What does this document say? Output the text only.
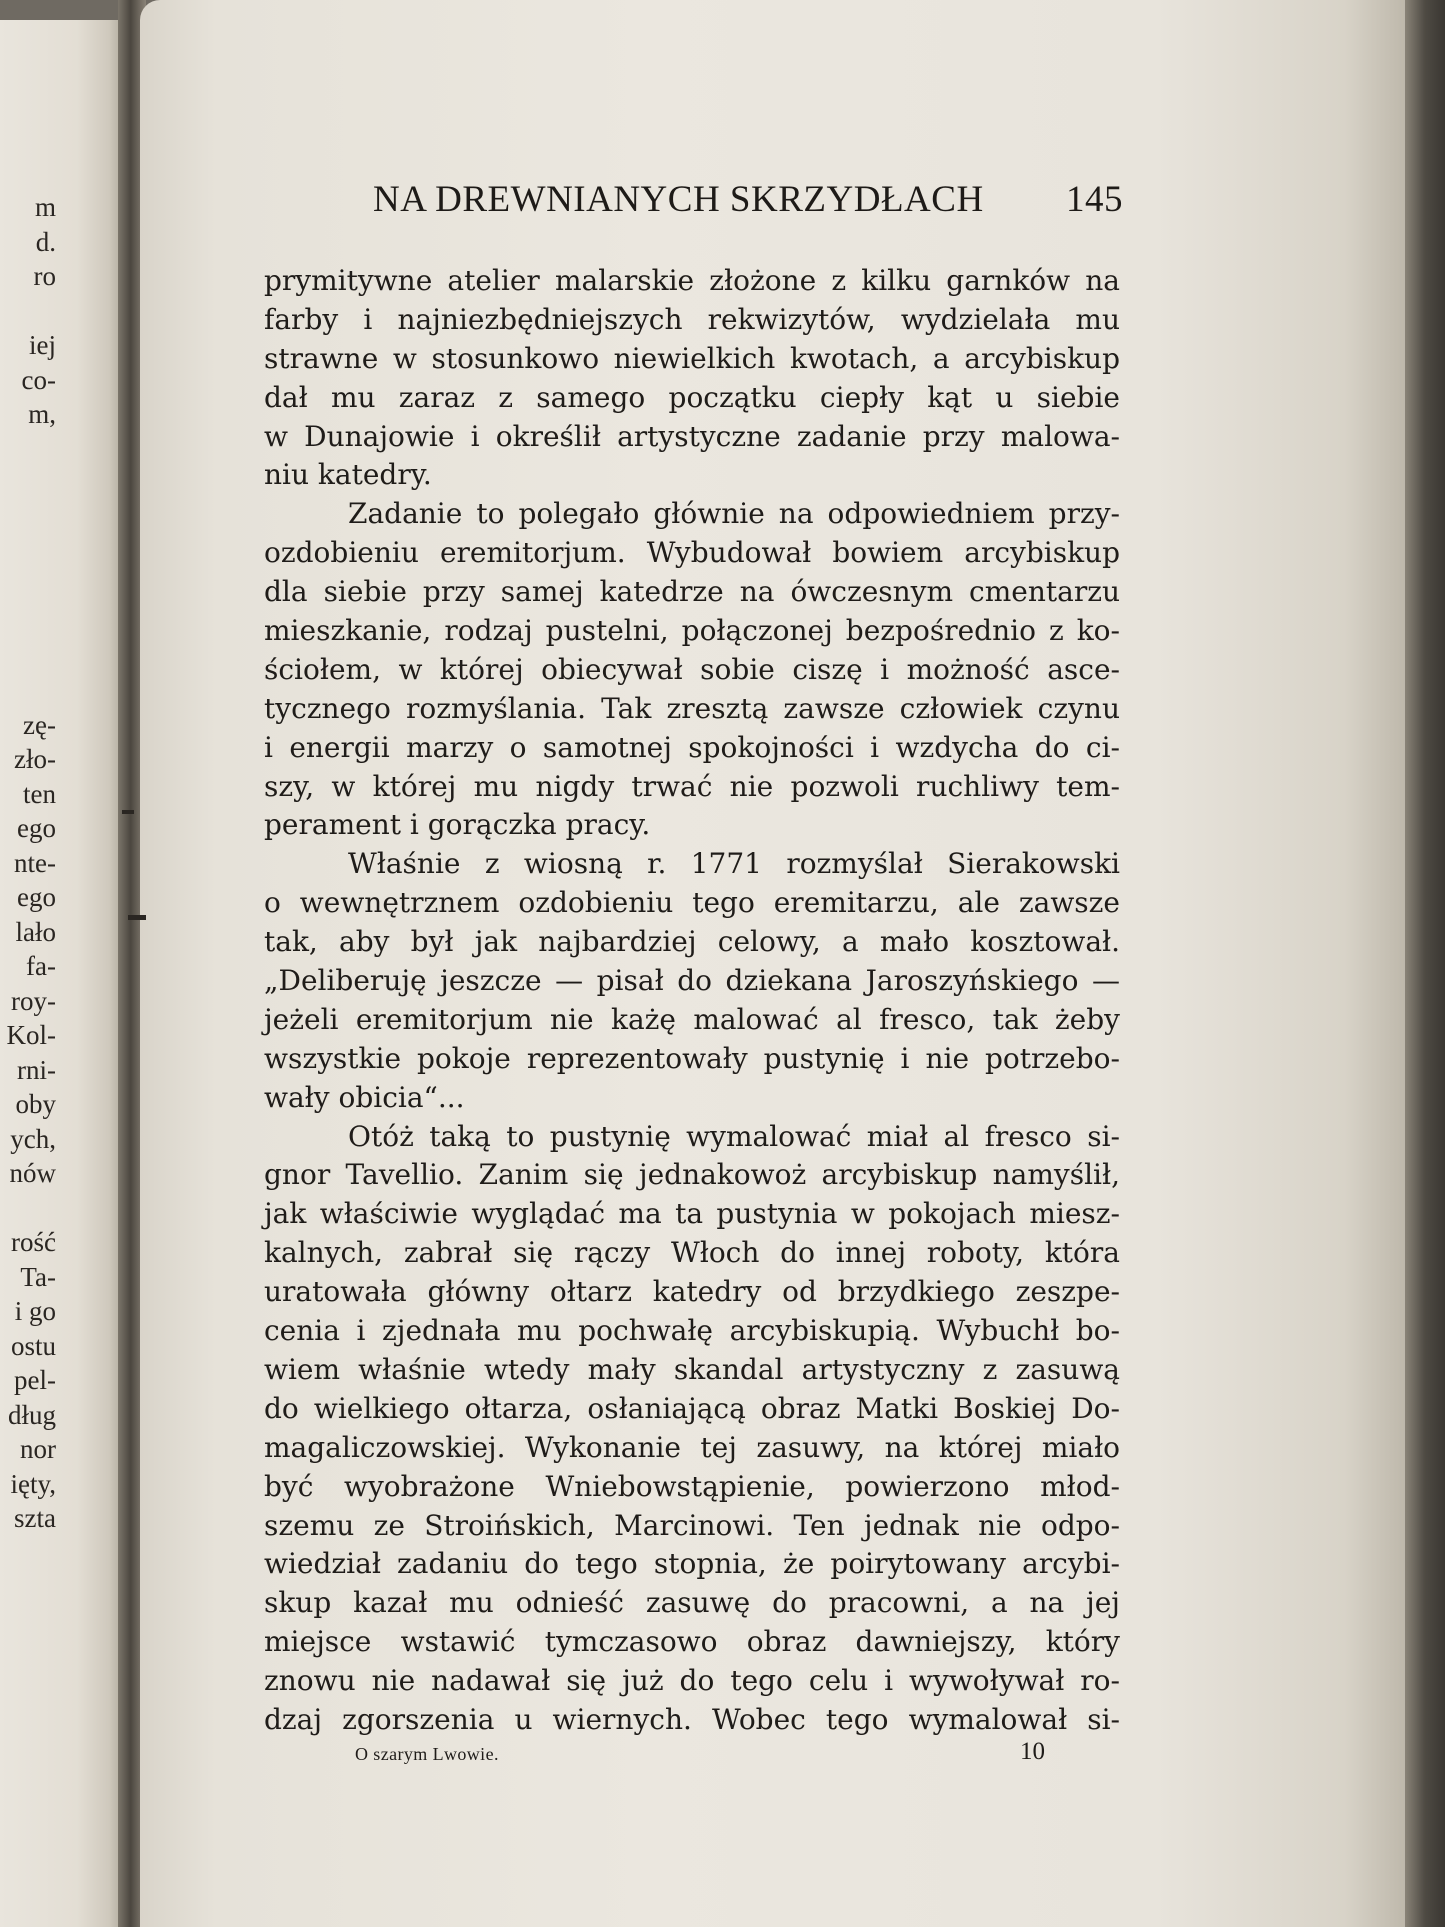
m
d.
ro
iej
co-
m,
zę-
zło-
ten
ego
nte-
ego
lało
fa-
roy-
Kol-
rni-
oby
ych,
nów
rość
Ta-
i go
ostu
pel-
dług
nor
ięty,
szta
NA DREWNIANYCH SKRZYDŁACH 145
prymitywne atelier malarskie złożone z kilku garnków na
farby i najniezbędniejszych rekwizytów, wydzielała mu
strawne w stosunkowo niewielkich kwotach, a arcybiskup
dał mu zaraz z samego początku ciepły kąt u siebie
w Dunajowie i określił artystyczne zadanie przy malowa-
niu katedry.
Zadanie to polegało głównie na odpowiedniem przy-
ozdobieniu eremitorjum. Wybudował bowiem arcybiskup
dla siebie przy samej katedrze na ówczesnym cmentarzu
mieszkanie, rodzaj pustelni, połączonej bezpośrednio z ko-
ściołem, w której obiecywał sobie ciszę i możność asce-
tycznego rozmyślania. Tak zresztą zawsze człowiek czynu
i energii marzy o samotnej spokojności i wzdycha do ci-
szy, w której mu nigdy trwać nie pozwoli ruchliwy tem-
perament i gorączka pracy.
Właśnie z wiosną r. 1771 rozmyślał Sierakowski
o wewnętrznem ozdobieniu tego eremitarzu, ale zawsze
tak, aby był jak najbardziej celowy, a mało kosztował.
„Deliberuję jeszcze — pisał do dziekana Jaroszyńskiego —
jeżeli eremitorjum nie każę malować al fresco, tak żeby
wszystkie pokoje reprezentowały pustynię i nie potrzebo-
wały obicia“...
Otóż taką to pustynię wymalować miał al fresco si-
gnor Tavellio. Zanim się jednakowoż arcybiskup namyślił,
jak właściwie wyglądać ma ta pustynia w pokojach miesz-
kalnych, zabrał się rączy Włoch do innej roboty, która
uratowała główny ołtarz katedry od brzydkiego zeszpe-
cenia i zjednała mu pochwałę arcybiskupią. Wybuchł bo-
wiem właśnie wtedy mały skandal artystyczny z zasuwą
do wielkiego ołtarza, osłaniającą obraz Matki Boskiej Do-
magaliczowskiej. Wykonanie tej zasuwy, na której miało
być wyobrażone Wniebowstąpienie, powierzono młod-
szemu ze Stroińskich, Marcinowi. Ten jednak nie odpo-
wiedział zadaniu do tego stopnia, że poirytowany arcybi-
skup kazał mu odnieść zasuwę do pracowni, a na jej
miejsce wstawić tymczasowo obraz dawniejszy, który
znowu nie nadawał się już do tego celu i wywoływał ro-
dzaj zgorszenia u wiernych. Wobec tego wymalował si-
O szarym Lwowie.	10
